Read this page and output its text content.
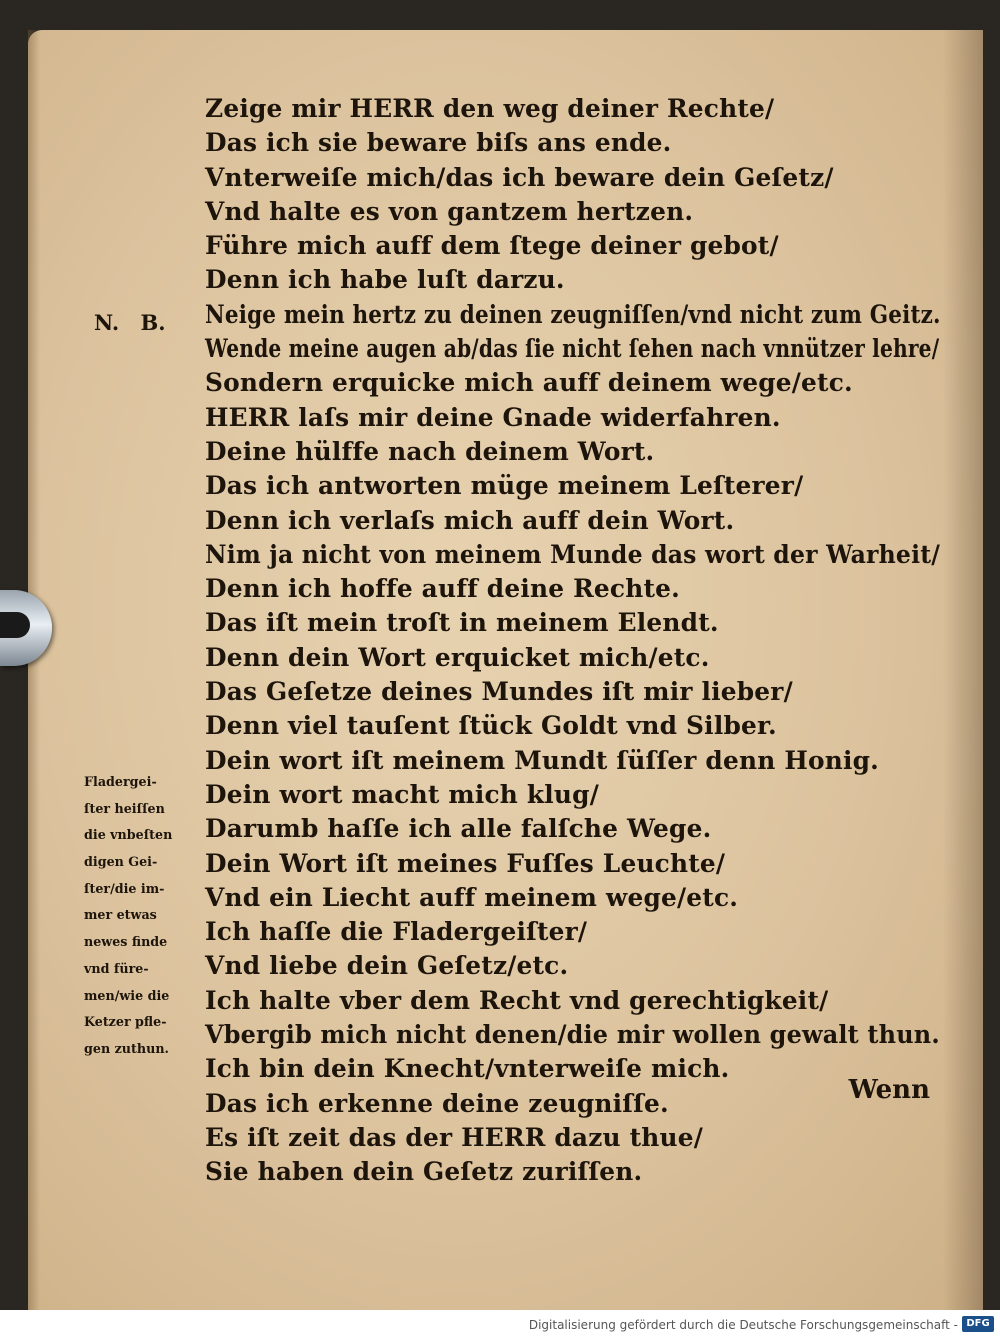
N. B.
Zeige mir HERR den weg deiner Rechte/
Das ich sie beware biſs ans ende.
Vnterweiſe mich/das ich beware dein Geſetz/
Vnd halte es von gantzem hertzen.
Führe mich auff dem ſtege deiner gebot/
Denn ich habe luſt darzu.
Neige mein hertz zu deinen zeugniſſen/vnd nicht zum Geitz.
Wende meine augen ab/das ſie nicht ſehen nach vnnützer lehre/
Sondern erquicke mich auff deinem wege/etc.
HERR laſs mir deine Gnade widerfahren.
Deine hülffe nach deinem Wort.
Das ich antworten müge meinem Leſterer/
Denn ich verlaſs mich auff dein Wort.
Nim ja nicht von meinem Munde das wort der Warheit/
Denn ich hoffe auff deine Rechte.
Das iſt mein troſt in meinem Elendt.
Denn dein Wort erquicket mich/etc.
Das Geſetze deines Mundes iſt mir lieber/
Denn viel tauſent ſtück Goldt vnd Silber.
Dein wort iſt meinem Mundt ſüſſer denn Honig.
Dein wort macht mich klug/
Darumb haſſe ich alle falſche Wege.
Dein Wort iſt meines Fuſſes Leuchte/
Vnd ein Liecht auff meinem wege/etc.
Ich haſſe die Fladergeiſter/
Vnd liebe dein Geſetz/etc.
Ich halte vber dem Recht vnd gerechtigkeit/
Vbergib mich nicht denen/die mir wollen gewalt thun.
Ich bin dein Knecht/vnterweiſe mich.
Das ich erkenne deine zeugniſſe.
Es iſt zeit das der HERR dazu thue/
Sie haben dein Geſetz zuriſſen.
Fladergei-
ſter heiſſen
die vnbeſten
digen Gei-
ſter/die im-
mer etwas
newes finde
vnd füre-
men/wie die
Ketzer pfle-
gen zuthun.
Wenn
Digitalisierung gefördert durch die Deutsche Forschungsgemeinschaft - DFG
